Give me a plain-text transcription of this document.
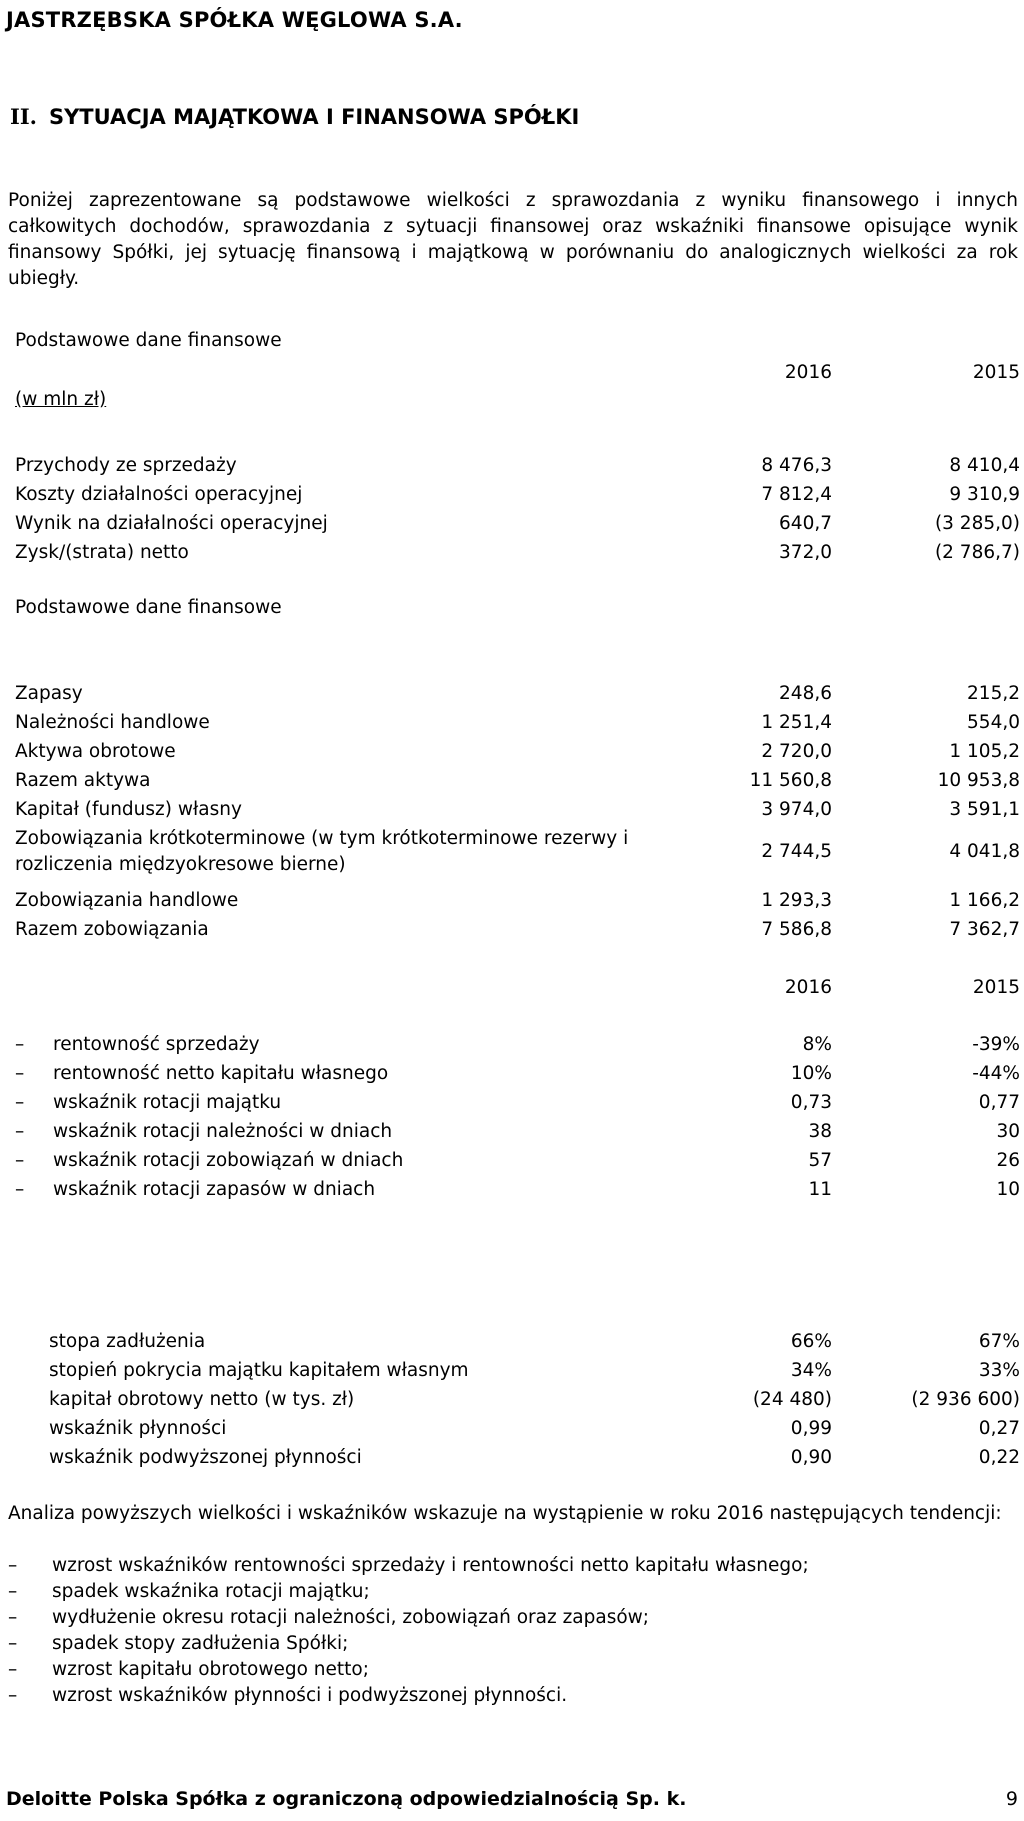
JASTRZĘBSKA SPÓŁKA WĘGLOWA S.A.
II. SYTUACJA MAJĄTKOWA I FINANSOWA SPÓŁKI
Poniżej zaprezentowane są podstawowe wielkości z sprawozdania z wyniku finansowego i innych całkowitych dochodów, sprawozdania z sytuacji finansowej oraz wskaźniki finansowe opisujące wynik finansowy Spółki, jej sytuację finansową i majątkową w porównaniu do analogicznych wielkości za rok ubiegły.
Podstawowe dane finansowe
2016	2015
(w mln zł)
Przychody ze sprzedaży	8 476,3	8 410,4
Koszty działalności operacyjnej	7 812,4	9 310,9
Wynik na działalności operacyjnej	640,7	(3 285,0)
Zysk/(strata) netto	372,0	(2 786,7)
Podstawowe dane finansowe
Zapasy	248,6	215,2
Należności handlowe	1 251,4	554,0
Aktywa obrotowe	2 720,0	1 105,2
Razem aktywa	11 560,8	10 953,8
Kapitał (fundusz) własny	3 974,0	3 591,1
Zobowiązania krótkoterminowe (w tym krótkoterminowe rezerwy i rozliczenia międzyokresowe bierne)
2 744,5	4 041,8
Zobowiązania handlowe	1 293,3	1 166,2
Razem zobowiązania	7 586,8	7 362,7
2016	2015
– rentowność sprzedaży	8%	-39%
– rentowność netto kapitału własnego	10%	-44%
– wskaźnik rotacji majątku	0,73	0,77
– wskaźnik rotacji należności w dniach	38	30
– wskaźnik rotacji zobowiązań w dniach	57	26
– wskaźnik rotacji zapasów w dniach	11	10
stopa zadłużenia	66%	67%
stopień pokrycia majątku kapitałem własnym	34%	33%
kapitał obrotowy netto (w tys. zł)	(24 480)	(2 936 600)
wskaźnik płynności	0,99	0,27
wskaźnik podwyższonej płynności	0,90	0,22
Analiza powyższych wielkości i wskaźników wskazuje na wystąpienie w roku 2016 następujących tendencji:
– wzrost wskaźników rentowności sprzedaży i rentowności netto kapitału własnego;
– spadek wskaźnika rotacji majątku;
– wydłużenie okresu rotacji należności, zobowiązań oraz zapasów;
– spadek stopy zadłużenia Spółki;
– wzrost kapitału obrotowego netto;
– wzrost wskaźników płynności i podwyższonej płynności.
Deloitte Polska Spółka z ograniczoną odpowiedzialnością Sp. k.	9
